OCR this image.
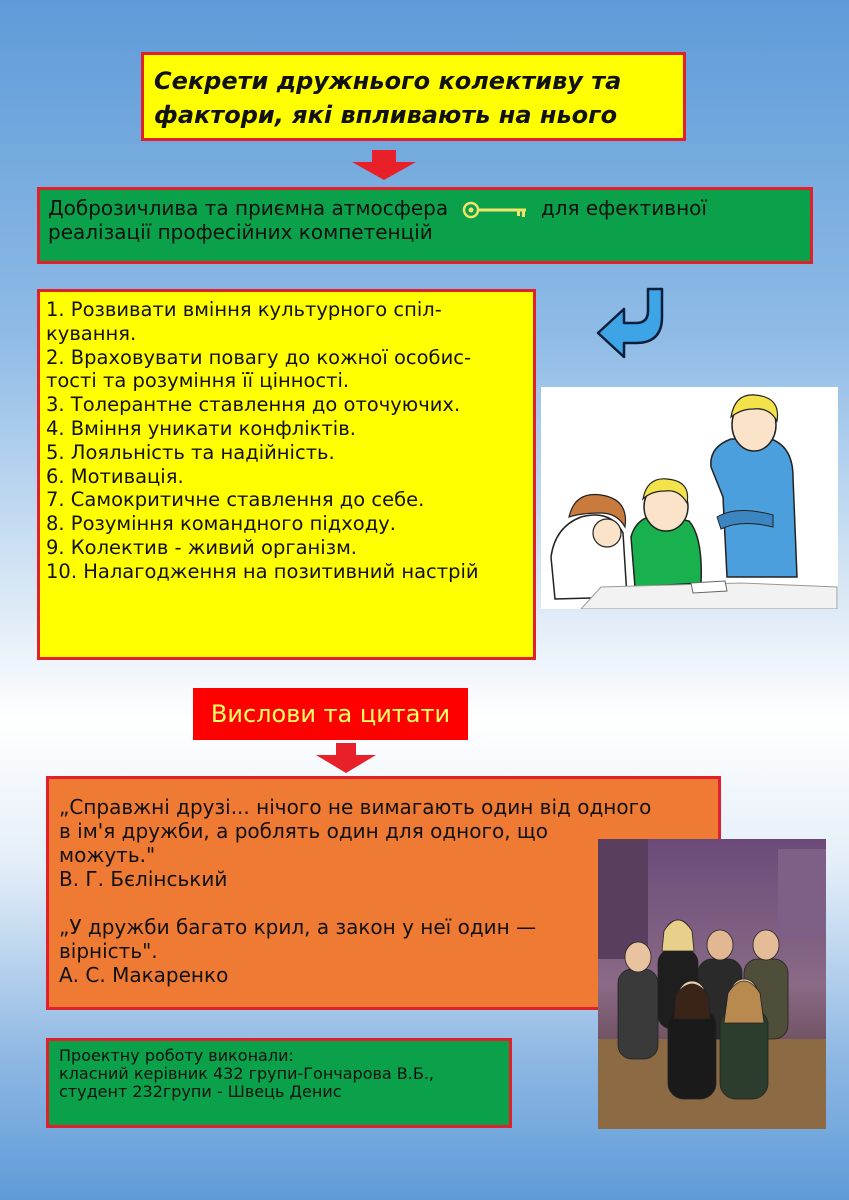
Секрети дружнього колективу та
фактори, які впливають на нього
Доброзичлива та приємна атмосфера	для ефективної
реалізації професійних компетенцій
1. Розвивати вміння культурного спіл-
кування.
2. Враховувати повагу до кожної особис-
тості та розуміння її цінності.
3. Толерантне ставлення до оточуючих.
4. Вміння уникати конфліктів.
5. Лояльність та надійність.
6. Мотивація.
7. Самокритичне ставлення до себе.
8. Розуміння командного підходу.
9. Колектив - живий організм.
10. Налагодження на позитивний настрій
Вислови та цитати
„Справжні друзі... нічого не вимагають один від одного
в ім'я дружби, а роблять один для одного, що
можуть."
В. Г. Бєлінський
„У дружби багато крил, а закон у неї один —
вірність".
А. С. Макаренко
Проектну роботу виконали:
класний керівник 432 групи-Гончарова В.Б.,
студент 232групи - Швець Денис
